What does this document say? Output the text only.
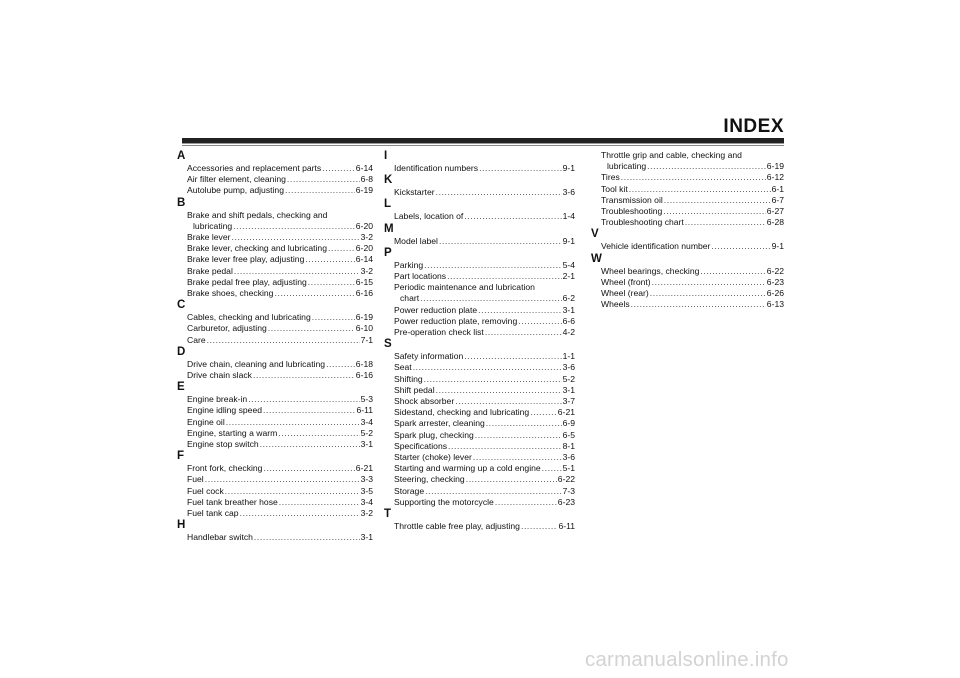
INDEX
A
Accessories and replacement parts .....	6-14
Air filter element, cleaning .....	6-8
Autolube pump, adjusting .....	6-19
B
Brake and shift pedals, checking and
lubricating .....	6-20
Brake lever .....	3-2
Brake lever, checking and lubricating .....	6-20
Brake lever free play, adjusting .....	6-14
Brake pedal .....	3-2
Brake pedal free play, adjusting .....	6-15
Brake shoes, checking .....	6-16
C
Cables, checking and lubricating .....	6-19
Carburetor, adjusting .....	6-10
Care .....	7-1
D
Drive chain, cleaning and lubricating .....	6-18
Drive chain slack .....	6-16
E
Engine break-in .....	5-3
Engine idling speed .....	6-11
Engine oil .....	3-4
Engine, starting a warm .....	5-2
Engine stop switch .....	3-1
F
Front fork, checking .....	6-21
Fuel .....	3-3
Fuel cock .....	3-5
Fuel tank breather hose .....	3-4
Fuel tank cap .....	3-2
H
Handlebar switch .....	3-1
I
Identification numbers .....	9-1
K
Kickstarter .....	3-6
L
Labels, location of .....	1-4
M
Model label .....	9-1
P
Parking .....	5-4
Part locations .....	2-1
Periodic maintenance and lubrication
chart .....	6-2
Power reduction plate .....	3-1
Power reduction plate, removing .....	6-6
Pre-operation check list .....	4-2
S
Safety information .....	1-1
Seat .....	3-6
Shifting .....	5-2
Shift pedal .....	3-1
Shock absorber .....	3-7
Sidestand, checking and lubricating .....	6-21
Spark arrester, cleaning .....	6-9
Spark plug, checking .....	6-5
Specifications .....	8-1
Starter (choke) lever .....	3-6
Starting and warming up a cold engine .....	5-1
Steering, checking .....	6-22
Storage .....	7-3
Supporting the motorcycle .....	6-23
T
Throttle cable free play, adjusting .....	6-11
Throttle grip and cable, checking and
lubricating .....	6-19
Tires .....	6-12
Tool kit .....	6-1
Transmission oil .....	6-7
Troubleshooting .....	6-27
Troubleshooting chart .....	6-28
V
Vehicle identification number .....	9-1
W
Wheel bearings, checking .....	6-22
Wheel (front) .....	6-23
Wheel (rear) .....	6-26
Wheels .....	6-13
carmanualsonline.info
